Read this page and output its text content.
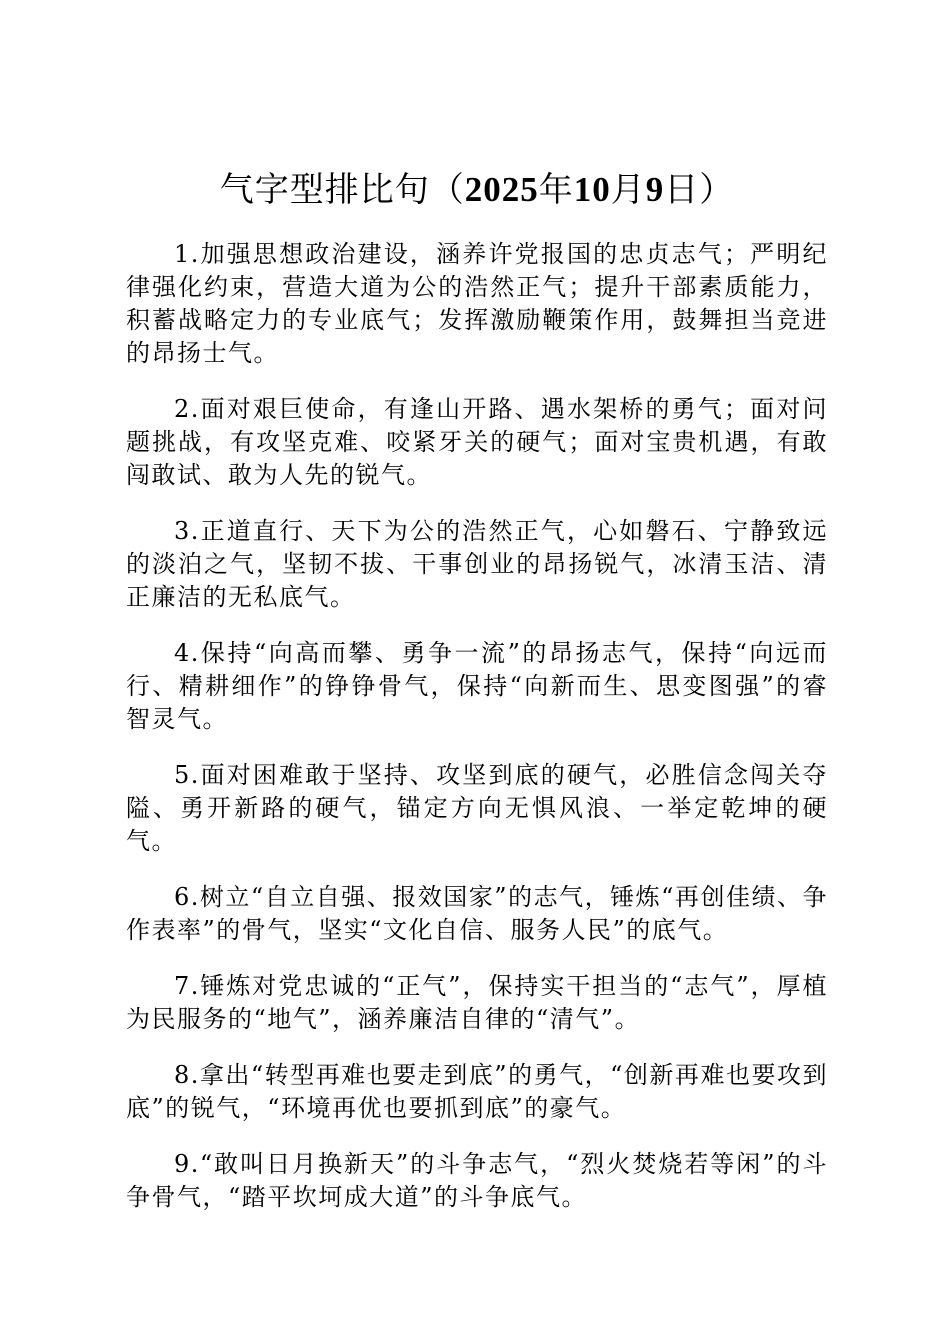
气字型排比句（2025年10月9日）

1.加强思想政治建设，涵养许党报国的忠贞志气；严明纪律强化约束，营造大道为公的浩然正气；提升干部素质能力，积蓄战略定力的专业底气；发挥激励鞭策作用，鼓舞担当竞进的昂扬士气。

2.面对艰巨使命，有逢山开路、遇水架桥的勇气；面对问题挑战，有攻坚克难、咬紧牙关的硬气；面对宝贵机遇，有敢闯敢试、敢为人先的锐气。

3.正道直行、天下为公的浩然正气，心如磐石、宁静致远的淡泊之气，坚韧不拔、干事创业的昂扬锐气，冰清玉洁、清正廉洁的无私底气。

4.保持“向高而攀、勇争一流”的昂扬志气，保持“向远而行、精耕细作”的铮铮骨气，保持“向新而生、思变图强”的睿智灵气。

5.面对困难敢于坚持、攻坚到底的硬气，必胜信念闯关夺隘、勇开新路的硬气，锚定方向无惧风浪、一举定乾坤的硬气。

6.树立“自立自强、报效国家”的志气，锤炼“再创佳绩、争作表率”的骨气，坚实“文化自信、服务人民”的底气。

7.锤炼对党忠诚的“正气”，保持实干担当的“志气”，厚植为民服务的“地气”，涵养廉洁自律的“清气”。

8.拿出“转型再难也要走到底”的勇气，“创新再难也要攻到底”的锐气，“环境再优也要抓到底”的豪气。

9.“敢叫日月换新天”的斗争志气，“烈火焚烧若等闲”的斗争骨气，“踏平坎坷成大道”的斗争底气。
